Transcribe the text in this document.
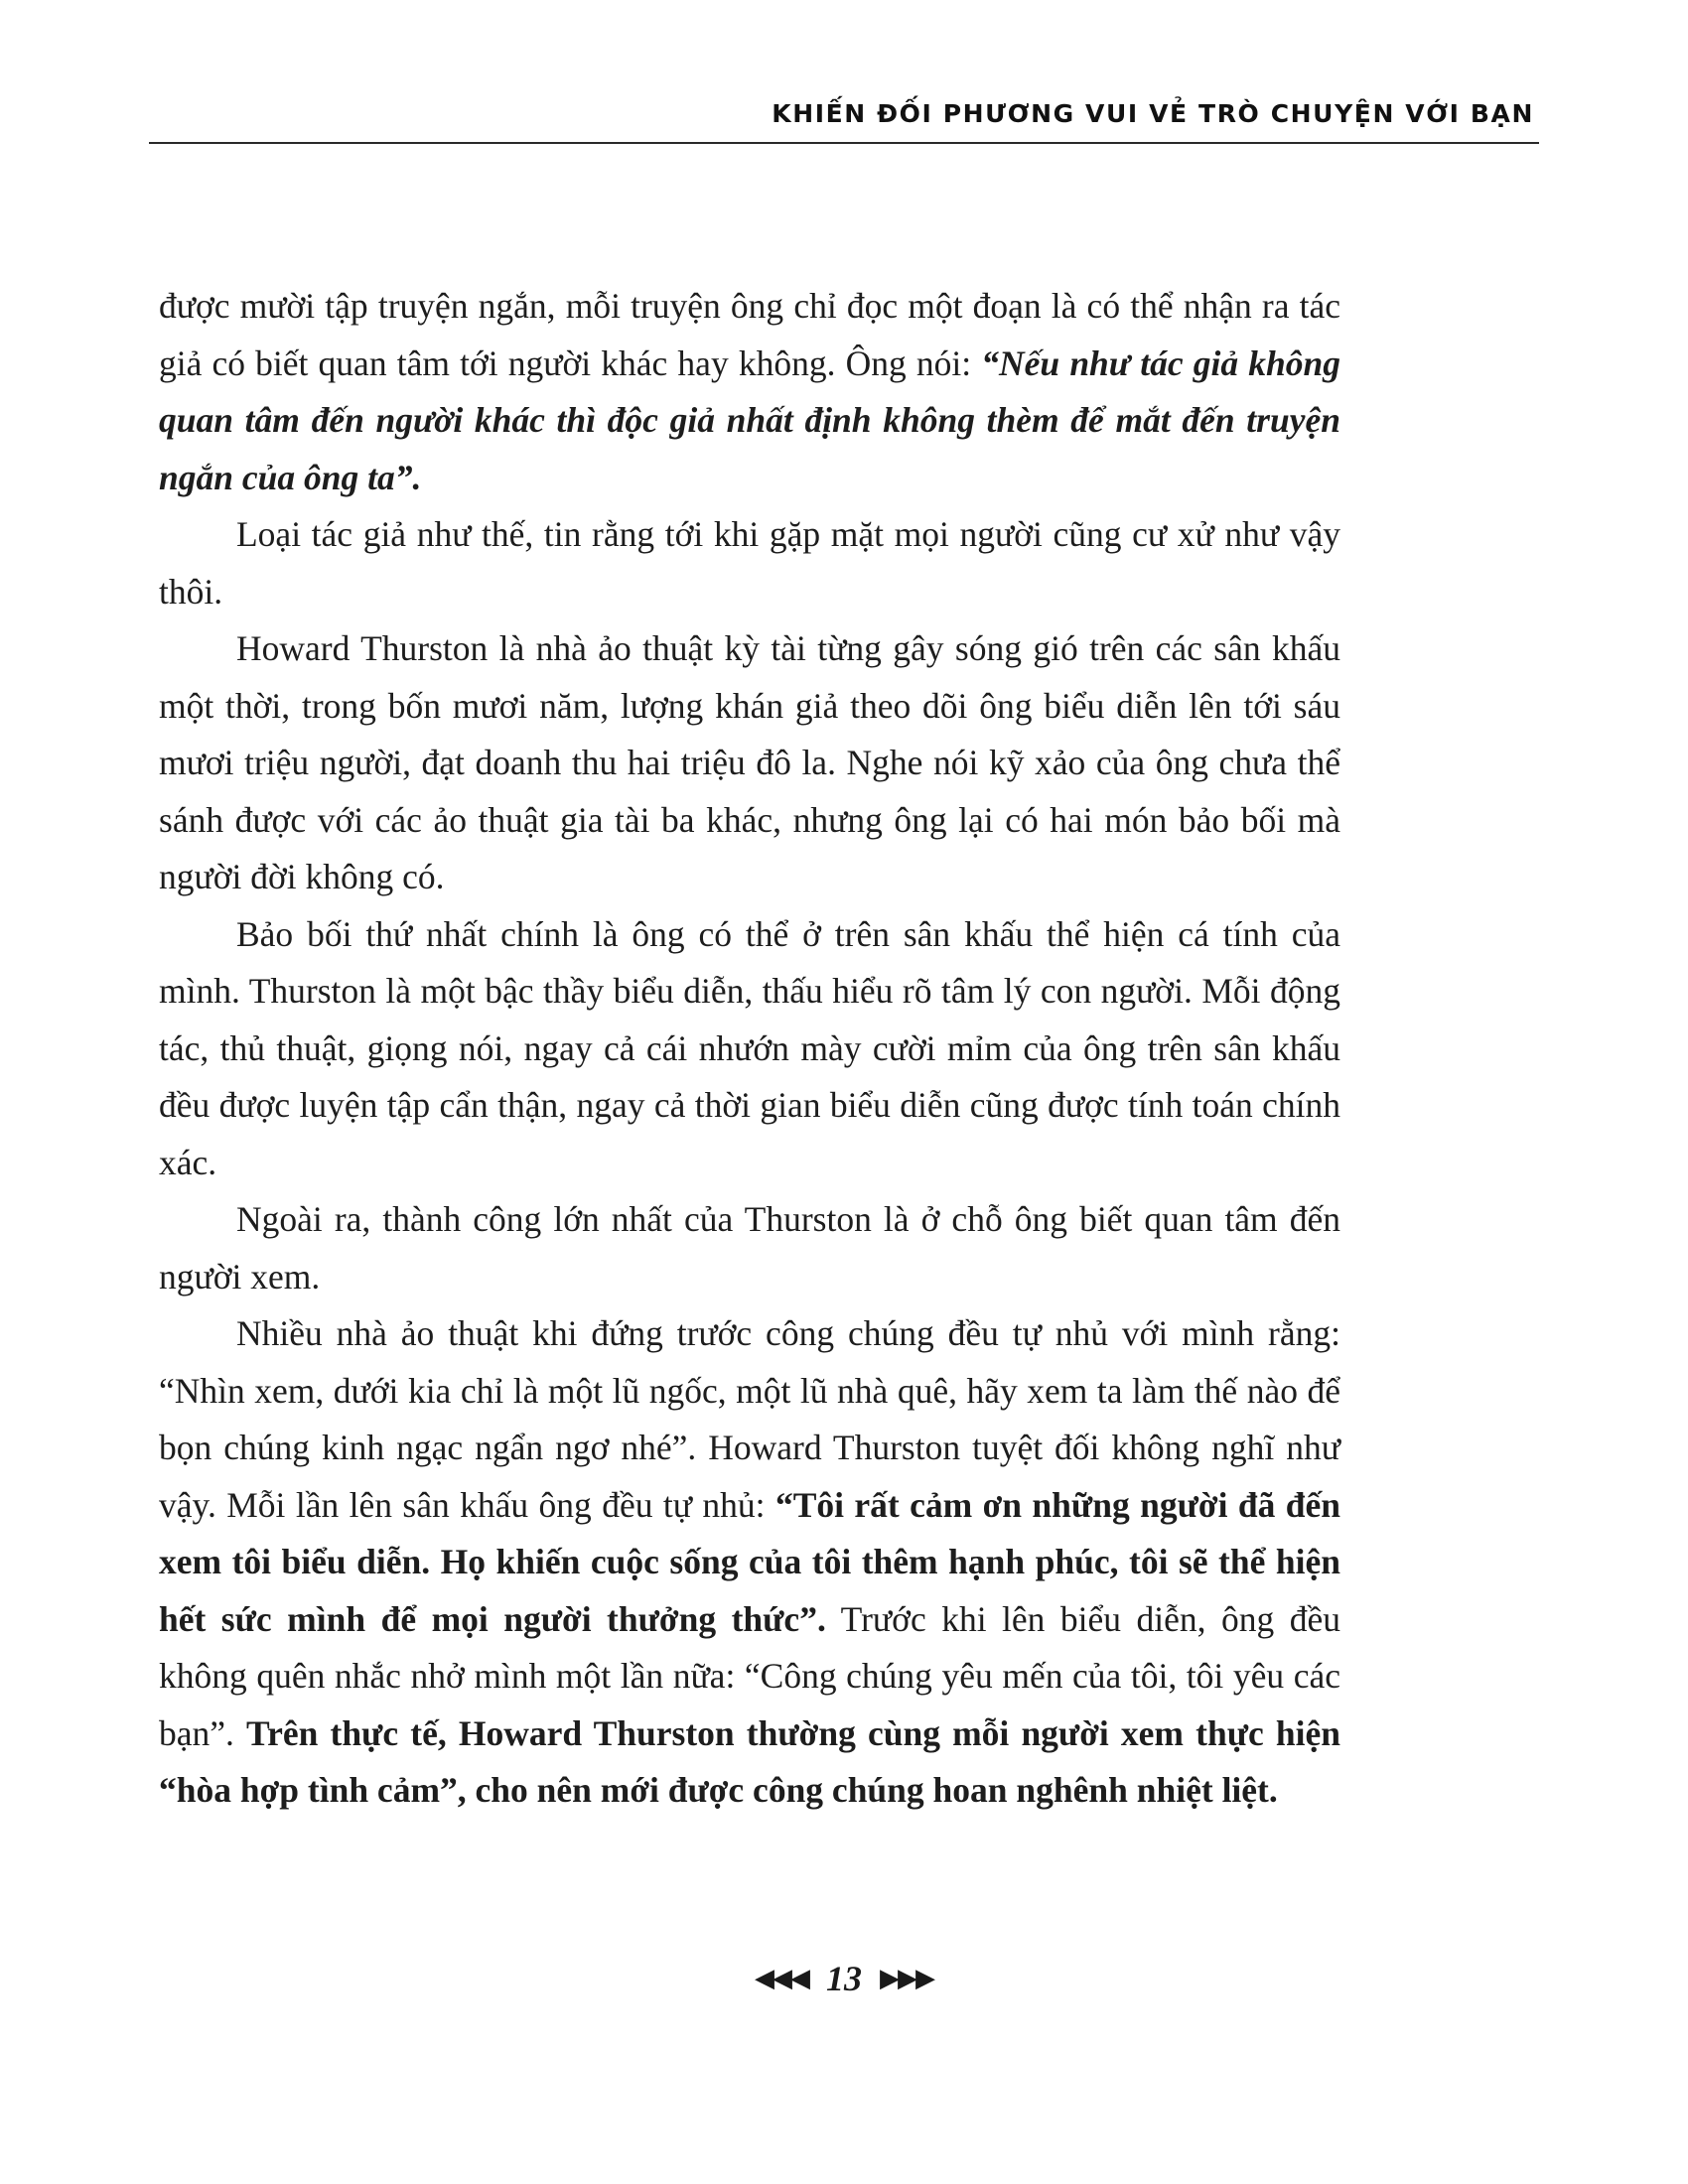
KHIẾN ĐỐI PHƯƠNG VUI VẺ TRÒ CHUYỆN VỚI BẠN

được mười tập truyện ngắn, mỗi truyện ông chỉ đọc một đoạn là có thể nhận ra tác giả có biết quan tâm tới người khác hay không. Ông nói: “Nếu như tác giả không quan tâm đến người khác thì độc giả nhất định không thèm để mắt đến truyện ngắn của ông ta”.

Loại tác giả như thế, tin rằng tới khi gặp mặt mọi người cũng cư xử như vậy thôi.

Howard Thurston là nhà ảo thuật kỳ tài từng gây sóng gió trên các sân khấu một thời, trong bốn mươi năm, lượng khán giả theo dõi ông biểu diễn lên tới sáu mươi triệu người, đạt doanh thu hai triệu đô la. Nghe nói kỹ xảo của ông chưa thể sánh được với các ảo thuật gia tài ba khác, nhưng ông lại có hai món bảo bối mà người đời không có.

Bảo bối thứ nhất chính là ông có thể ở trên sân khấu thể hiện cá tính của mình. Thurston là một bậc thầy biểu diễn, thấu hiểu rõ tâm lý con người. Mỗi động tác, thủ thuật, giọng nói, ngay cả cái nhướn mày cười mỉm của ông trên sân khấu đều được luyện tập cẩn thận, ngay cả thời gian biểu diễn cũng được tính toán chính xác.

Ngoài ra, thành công lớn nhất của Thurston là ở chỗ ông biết quan tâm đến người xem.

Nhiều nhà ảo thuật khi đứng trước công chúng đều tự nhủ với mình rằng: “Nhìn xem, dưới kia chỉ là một lũ ngốc, một lũ nhà quê, hãy xem ta làm thế nào để bọn chúng kinh ngạc ngẩn ngơ nhé”. Howard Thurston tuyệt đối không nghĩ như vậy. Mỗi lần lên sân khấu ông đều tự nhủ: “Tôi rất cảm ơn những người đã đến xem tôi biểu diễn. Họ khiến cuộc sống của tôi thêm hạnh phúc, tôi sẽ thể hiện hết sức mình để mọi người thưởng thức”. Trước khi lên biểu diễn, ông đều không quên nhắc nhở mình một lần nữa: “Công chúng yêu mến của tôi, tôi yêu các bạn”. Trên thực tế, Howard Thurston thường cùng mỗi người xem thực hiện “hòa hợp tình cảm”, cho nên mới được công chúng hoan nghênh nhiệt liệt.

◀◀◀ 13 ▶▶▶
